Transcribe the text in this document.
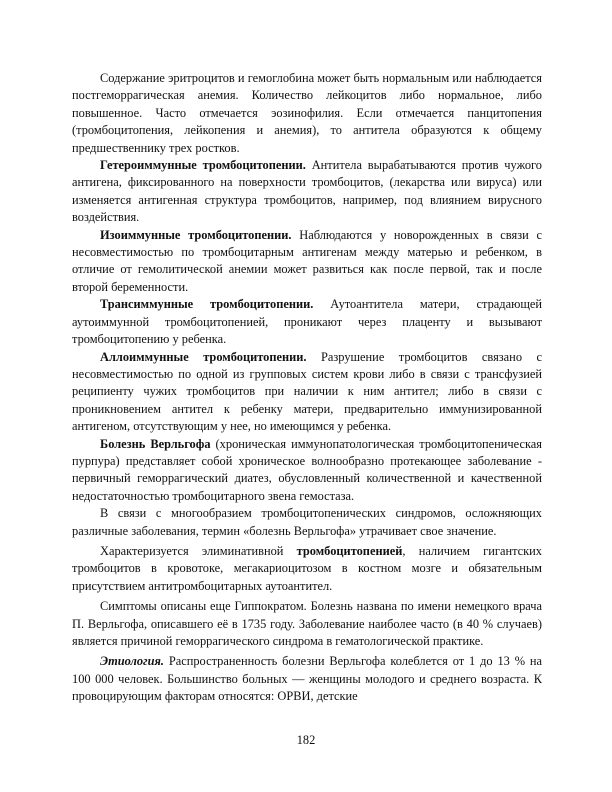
Содержание эритроцитов и гемоглобина может быть нормальным или наблюдается постгеморрагическая анемия. Количество лейкоцитов либо нормальное, либо повышенное. Часто отмечается эозинофилия. Если отмечается панцитопения (тромбоцитопения, лейкопения и анемия), то антитела образуются к общему предшественнику трех ростков.

Гетероиммунные тромбоцитопении. Антитела вырабатываются против чужого антигена, фиксированного на поверхности тромбоцитов, (лекарства или вируса) или изменяется антигенная структура тромбоцитов, например, под влиянием вирусного воздействия.

Изоиммунные тромбоцитопении. Наблюдаются у новорожденных в связи с несовместимостью по тромбоцитарным антигенам между матерью и ребенком, в отличие от гемолитической анемии может развиться как после первой, так и после второй беременности.

Трансиммунные тромбоцитопении. Аутоантитела матери, страдающей аутоиммунной тромбоцитопенией, проникают через плаценту и вызывают тромбоцитопению у ребенка.

Аллоиммунные тромбоцитопении. Разрушение тромбоцитов связано с несовместимостью по одной из групповых систем крови либо в связи с трансфузией реципиенту чужих тромбоцитов при наличии к ним антител; либо в связи с проникновением антител к ребенку матери, предварительно иммунизированной антигеном, отсутствующим у нее, но имеющимся у ребенка.

Болезнь Верльгофа (хроническая иммунопатологическая тромбоцитопеническая пурпура) представляет собой хроническое волнообразно протекающее заболевание - первичный геморрагический диатез, обусловленный количественной и качественной недостаточностью тромбоцитарного звена гемостаза.

В связи с многообразием тромбоцитопенических синдромов, осложняющих различные заболевания, термин «болезнь Верльгофа» утрачивает свое значение.

Характеризуется элиминативной тромбоцитопенией, наличием гигантских тромбоцитов в кровотоке, мегакариоцитозом в костном мозге и обязательным присутствием антитромбоцитарных аутоантител.

Симптомы описаны еще Гиппократом. Болезнь названа по имени немецкого врача П. Верльгофа, описавшего её в 1735 году. Заболевание наиболее часто (в 40 % случаев) является причиной геморрагического синдрома в гематологической практике.

Этиология. Распространенность болезни Верльгофа колеблется от 1 до 13 % на 100 000 человек. Большинство больных — женщины молодого и среднего возраста. К провоцирующим факторам относятся: ОРВИ, детские

182
